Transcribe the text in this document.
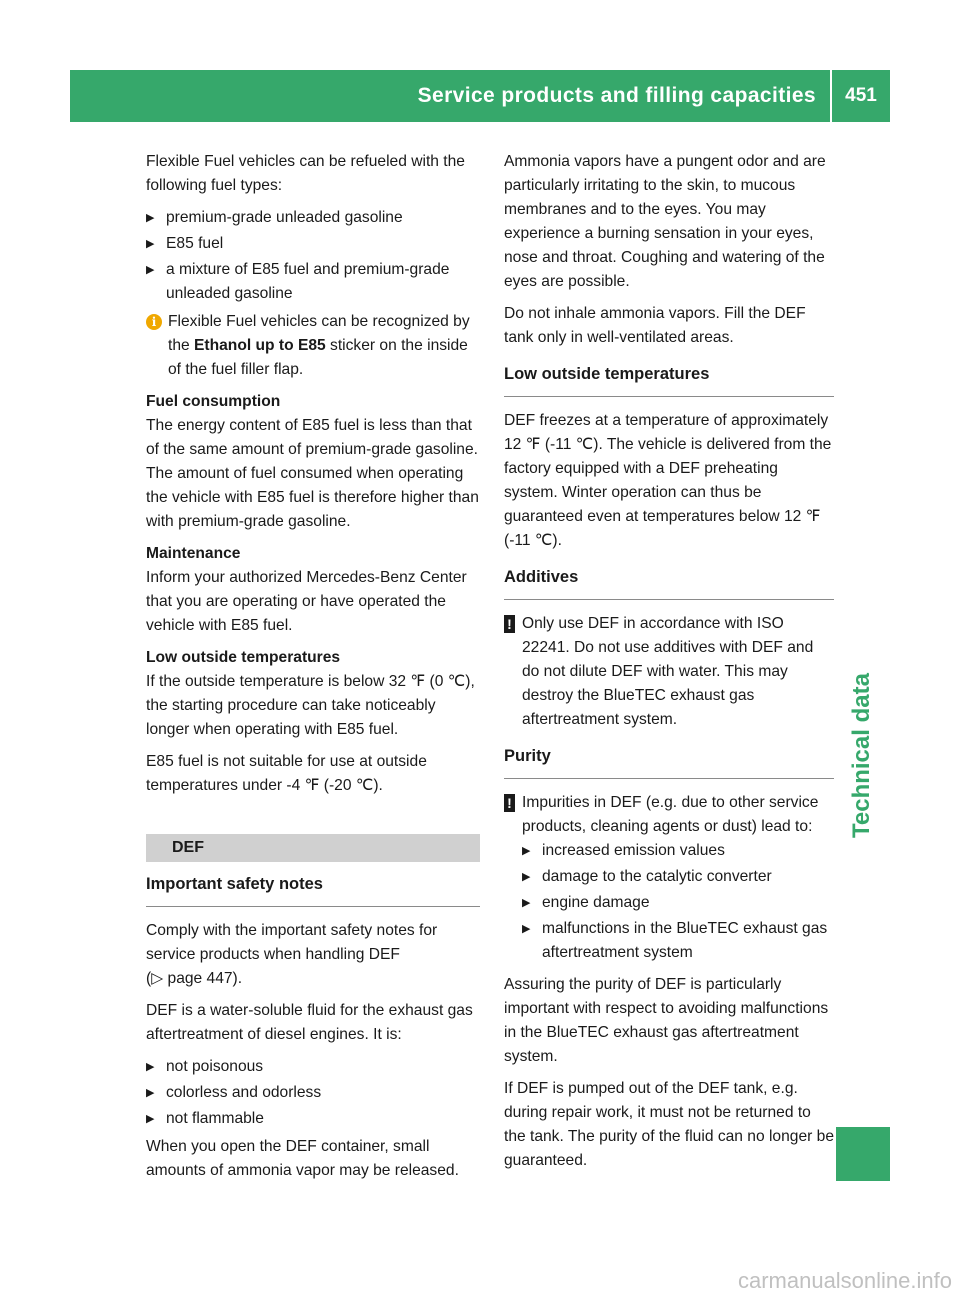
Service products and filling capacities	451
Technical data

Flexible Fuel vehicles can be refueled with the following fuel types:

▶ premium-grade unleaded gasoline
▶ E85 fuel
▶ a mixture of E85 fuel and premium-grade unleaded gasoline
i Flexible Fuel vehicles can be recognized by the Ethanol up to E85 sticker on the inside of the fuel filler flap.

Fuel consumption

The energy content of E85 fuel is less than that of the same amount of premium-grade gasoline. The amount of fuel consumed when operating the vehicle with E85 fuel is therefore higher than with premium-grade gasoline.

Maintenance

Inform your authorized Mercedes-Benz Center that you are operating or have operated the vehicle with E85 fuel.

Low outside temperatures

If the outside temperature is below 32 ℉ (0 ℃), the starting procedure can take noticeably longer when operating with E85 fuel.

E85 fuel is not suitable for use at outside temperatures under -4 ℉ (-20 ℃).

DEF
Important safety notes

Comply with the important safety notes for service products when handling DEF

(▷ page 447).

DEF is a water-soluble fluid for the exhaust gas aftertreatment of diesel engines. It is:

▶ not poisonous
▶ colorless and odorless
▶ not flammable

When you open the DEF container, small amounts of ammonia vapor may be released.

Ammonia vapors have a pungent odor and are particularly irritating to the skin, to mucous membranes and to the eyes. You may experience a burning sensation in your eyes, nose and throat. Coughing and watering of the eyes are possible.

Do not inhale ammonia vapors. Fill the DEF tank only in well-ventilated areas.

Low outside temperatures

DEF freezes at a temperature of approximately 12 ℉ (-11 ℃). The vehicle is delivered from the factory equipped with a DEF preheating system. Winter operation can thus be guaranteed even at temperatures below 12 ℉ (-11 ℃).

Additives
! Only use DEF in accordance with ISO 22241. Do not use additives with DEF and do not dilute DEF with water. This may destroy the BlueTEC exhaust gas aftertreatment system.
Purity
! Impurities in DEF (e.g. due to other service products, cleaning agents or dust) lead to:
▶ increased emission values
▶ damage to the catalytic converter
▶ engine damage
▶ malfunctions in the BlueTEC exhaust gas aftertreatment system

Assuring the purity of DEF is particularly important with respect to avoiding malfunctions in the BlueTEC exhaust gas aftertreatment system.

If DEF is pumped out of the DEF tank, e.g. during repair work, it must not be returned to the tank. The purity of the fluid can no longer be guaranteed.

carmanualsonline.info
